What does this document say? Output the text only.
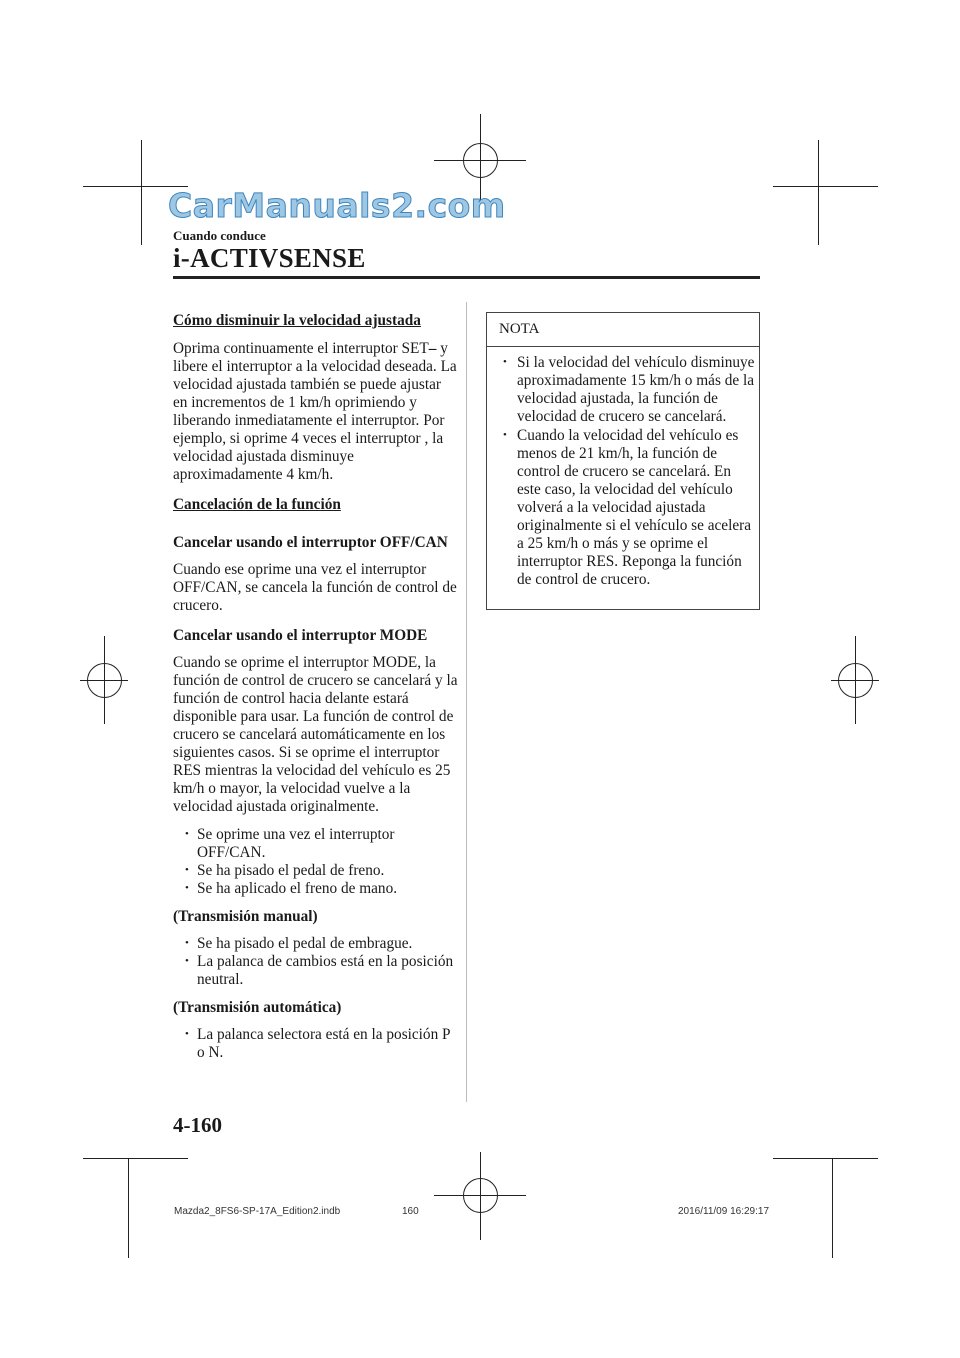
CarManuals2.com
Cuando conduce
i-ACTIVSENSE
Cómo disminuir la velocidad ajustada

Oprima continuamente el interruptor SET– y libere el interruptor a la velocidad deseada. La velocidad ajustada también se puede ajustar en incrementos de 1 km/h oprimiendo y liberando inmediatamente el interruptor. Por ejemplo, si oprime 4 veces el interruptor , la velocidad ajustada disminuye aproximadamente 4 km/h.

Cancelación de la función
Cancelar usando el interruptor OFF/CAN

Cuando ese oprime una vez el interruptor OFF/CAN, se cancela la función de control de crucero.

Cancelar usando el interruptor MODE

Cuando se oprime el interruptor MODE, la función de control de crucero se cancelará y la función de control hacia delante estará disponible para usar. La función de control de crucero se cancelará automáticamente en los siguientes casos. Si se oprime el interruptor RES mientras la velocidad del vehículo es 25 km/h o mayor, la velocidad vuelve a la velocidad ajustada originalmente.

• Se oprime una vez el interruptor OFF/CAN.
• Se ha pisado el pedal de freno.
• Se ha aplicado el freno de mano.
(Transmisión manual)
• Se ha pisado el pedal de embrague.
• La palanca de cambios está en la posición neutral.
(Transmisión automática)
• La palanca selectora está en la posición P o N.
NOTA
• Si la velocidad del vehículo disminuye aproximadamente 15 km/h o más de la velocidad ajustada, la función de velocidad de crucero se cancelará.
• Cuando la velocidad del vehículo es menos de 21 km/h, la función de control de crucero se cancelará. En este caso, la velocidad del vehículo volverá a la velocidad ajustada originalmente si el vehículo se acelera a 25 km/h o más y se oprime el interruptor RES. Reponga la función de control de crucero.
4-160
Mazda2_8FS6-SP-17A_Edition2.indb	160	2016/11/09 16:29:17
